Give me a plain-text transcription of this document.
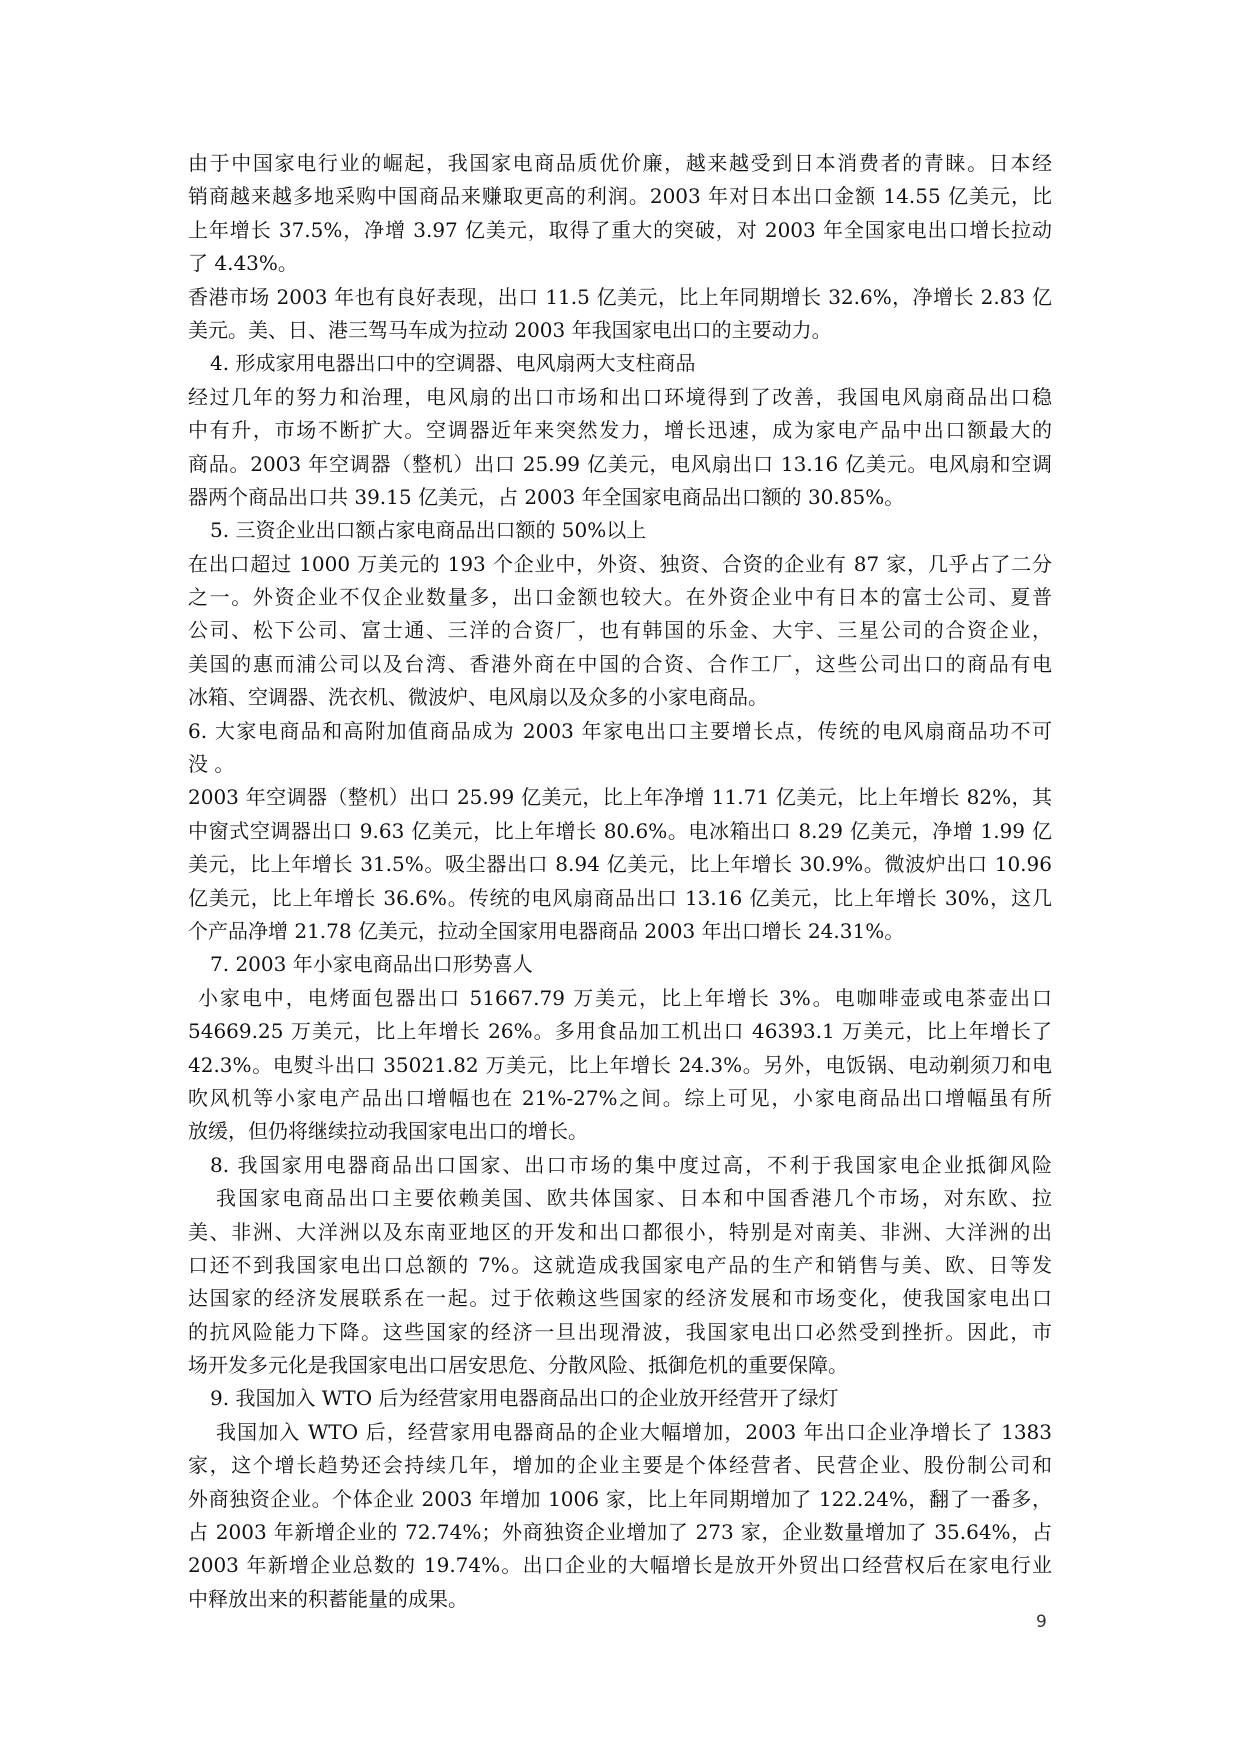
由于中国家电行业的崛起，我国家电商品质优价廉，越来越受到日本消费者的青睐。日本经
销商越来越多地采购中国商品来赚取更高的利润。2003 年对日本出口金额 14.55 亿美元，比
上年增长 37.5%，净增 3.97 亿美元，取得了重大的突破，对 2003 年全国家电出口增长拉动
了 4.43%。
香港市场 2003 年也有良好表现，出口 11.5 亿美元，比上年同期增长 32.6%，净增长 2.83 亿
美元。美、日、港三驾马车成为拉动 2003 年我国家电出口的主要动力。
4. 形成家用电器出口中的空调器、电风扇两大支柱商品
经过几年的努力和治理，电风扇的出口市场和出口环境得到了改善，我国电风扇商品出口稳
中有升，市场不断扩大。空调器近年来突然发力，增长迅速，成为家电产品中出口额最大的
商品。2003 年空调器（整机）出口 25.99 亿美元，电风扇出口 13.16 亿美元。电风扇和空调
器两个商品出口共 39.15 亿美元，占 2003 年全国家电商品出口额的 30.85%。
5. 三资企业出口额占家电商品出口额的 50%以上
在出口超过 1000 万美元的 193 个企业中，外资、独资、合资的企业有 87 家，几乎占了二分
之一。外资企业不仅企业数量多，出口金额也较大。在外资企业中有日本的富士公司、夏普
公司、松下公司、富士通、三洋的合资厂，也有韩国的乐金、大宇、三星公司的合资企业，
美国的惠而浦公司以及台湾、香港外商在中国的合资、合作工厂，这些公司出口的商品有电
冰箱、空调器、洗衣机、微波炉、电风扇以及众多的小家电商品。
6. 大家电商品和高附加值商品成为 2003 年家电出口主要增长点，传统的电风扇商品功不可
没 。
2003 年空调器（整机）出口 25.99 亿美元，比上年净增 11.71 亿美元，比上年增长 82%，其
中窗式空调器出口 9.63 亿美元，比上年增长 80.6%。电冰箱出口 8.29 亿美元，净增 1.99 亿
美元，比上年增长 31.5%。吸尘器出口 8.94 亿美元，比上年增长 30.9%。微波炉出口 10.96
亿美元，比上年增长 36.6%。传统的电风扇商品出口 13.16 亿美元，比上年增长 30%，这几
个产品净增 21.78 亿美元，拉动全国家用电器商品 2003 年出口增长 24.31%。
7. 2003 年小家电商品出口形势喜人
小家电中，电烤面包器出口 51667.79 万美元，比上年增长 3%。电咖啡壶或电茶壶出口
54669.25 万美元，比上年增长 26%。多用食品加工机出口 46393.1 万美元，比上年增长了
42.3%。电熨斗出口 35021.82 万美元，比上年增长 24.3%。另外，电饭锅、电动剃须刀和电
吹风机等小家电产品出口增幅也在 21%-27%之间。综上可见，小家电商品出口增幅虽有所
放缓，但仍将继续拉动我国家电出口的增长。
8. 我国家用电器商品出口国家、出口市场的集中度过高，不利于我国家电企业抵御风险
我国家电商品出口主要依赖美国、欧共体国家、日本和中国香港几个市场，对东欧、拉
美、非洲、大洋洲以及东南亚地区的开发和出口都很小，特别是对南美、非洲、大洋洲的出
口还不到我国家电出口总额的 7%。这就造成我国家电产品的生产和销售与美、欧、日等发
达国家的经济发展联系在一起。过于依赖这些国家的经济发展和市场变化，使我国家电出口
的抗风险能力下降。这些国家的经济一旦出现滑波，我国家电出口必然受到挫折。因此，市
场开发多元化是我国家电出口居安思危、分散风险、抵御危机的重要保障。
9. 我国加入 WTO 后为经营家用电器商品出口的企业放开经营开了绿灯
我国加入 WTO 后，经营家用电器商品的企业大幅增加，2003 年出口企业净增长了 1383
家，这个增长趋势还会持续几年，增加的企业主要是个体经营者、民营企业、股份制公司和
外商独资企业。个体企业 2003 年增加 1006 家，比上年同期增加了 122.24%，翻了一番多，
占 2003 年新增企业的 72.74%；外商独资企业增加了 273 家，企业数量增加了 35.64%，占
2003 年新增企业总数的 19.74%。出口企业的大幅增长是放开外贸出口经营权后在家电行业
中释放出来的积蓄能量的成果。
9
